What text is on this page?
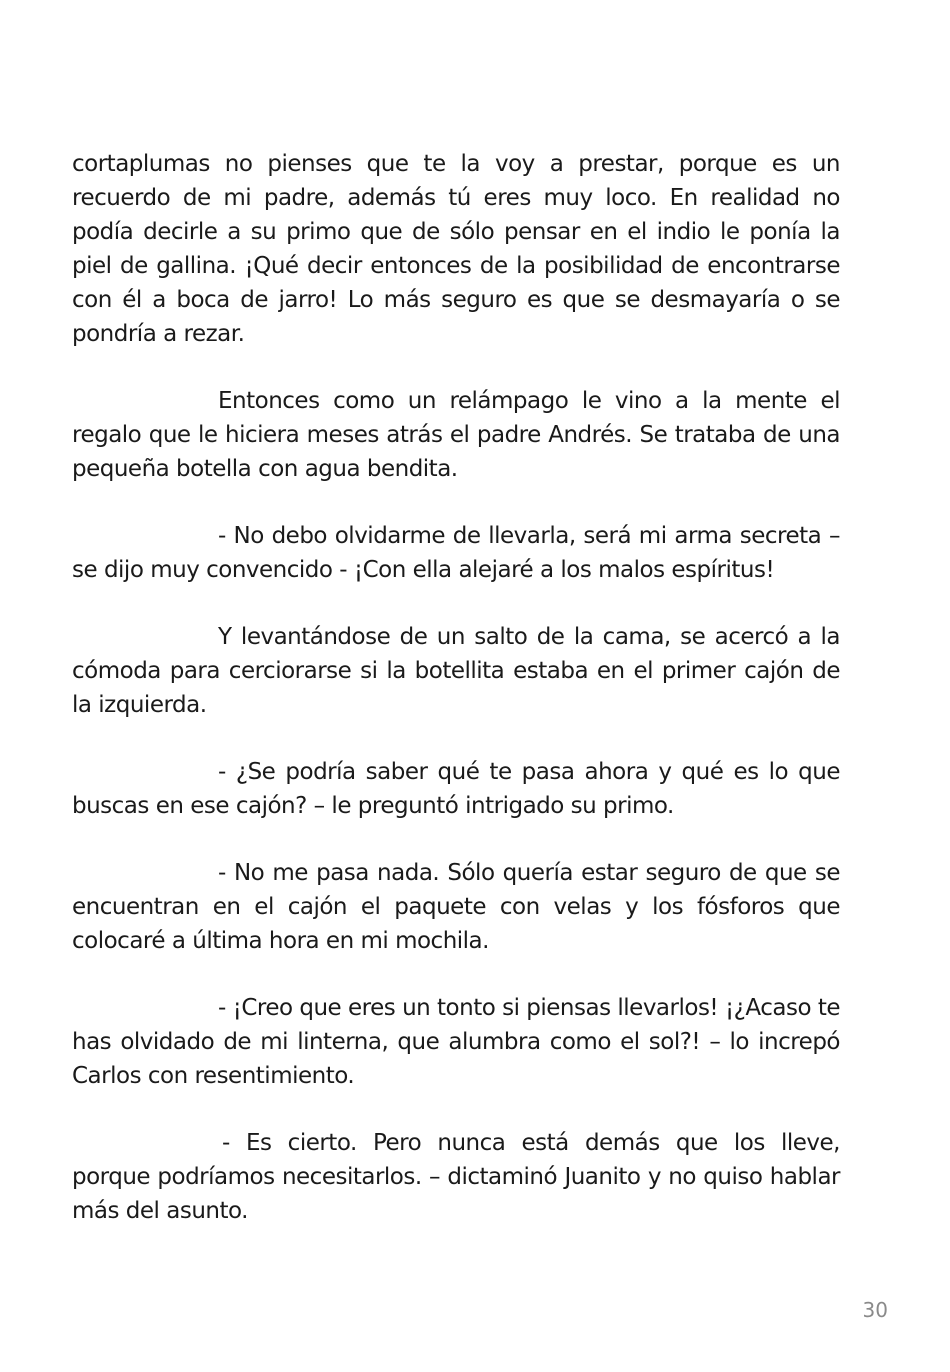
cortaplumas no pienses que te la voy a prestar, porque es un recuerdo de mi padre, además tú eres muy loco. En realidad no podía decirle a su primo que de sólo pensar en el indio le ponía la piel de gallina. ¡Qué decir entonces de la posibilidad de encontrarse con él a boca de jarro! Lo más seguro es que se desmayaría o se pondría a rezar.

Entonces como un relámpago le vino a la mente el regalo que le hiciera meses atrás el padre Andrés. Se trataba de una pequeña botella con agua bendita.

- No debo olvidarme de llevarla, será mi arma secreta – se dijo muy convencido - ¡Con ella alejaré a los malos espíritus!

Y levantándose de un salto de la cama, se acercó a la cómoda para cerciorarse si la botellita estaba en el primer cajón de la izquierda.

- ¿Se podría saber qué te pasa ahora y qué es lo que buscas en ese cajón? – le preguntó intrigado su primo.

- No me pasa nada. Sólo quería estar seguro de que se encuentran en el cajón el paquete con velas y los fósforos que colocaré a última hora en mi mochila.

- ¡Creo que eres un tonto si piensas llevarlos! ¡¿Acaso te has olvidado de mi linterna, que alumbra como el sol?! – lo increpó Carlos con resentimiento.

- Es cierto. Pero nunca está demás que los lleve, porque podríamos necesitarlos. – dictaminó Juanito y no quiso hablar más del asunto.

30
